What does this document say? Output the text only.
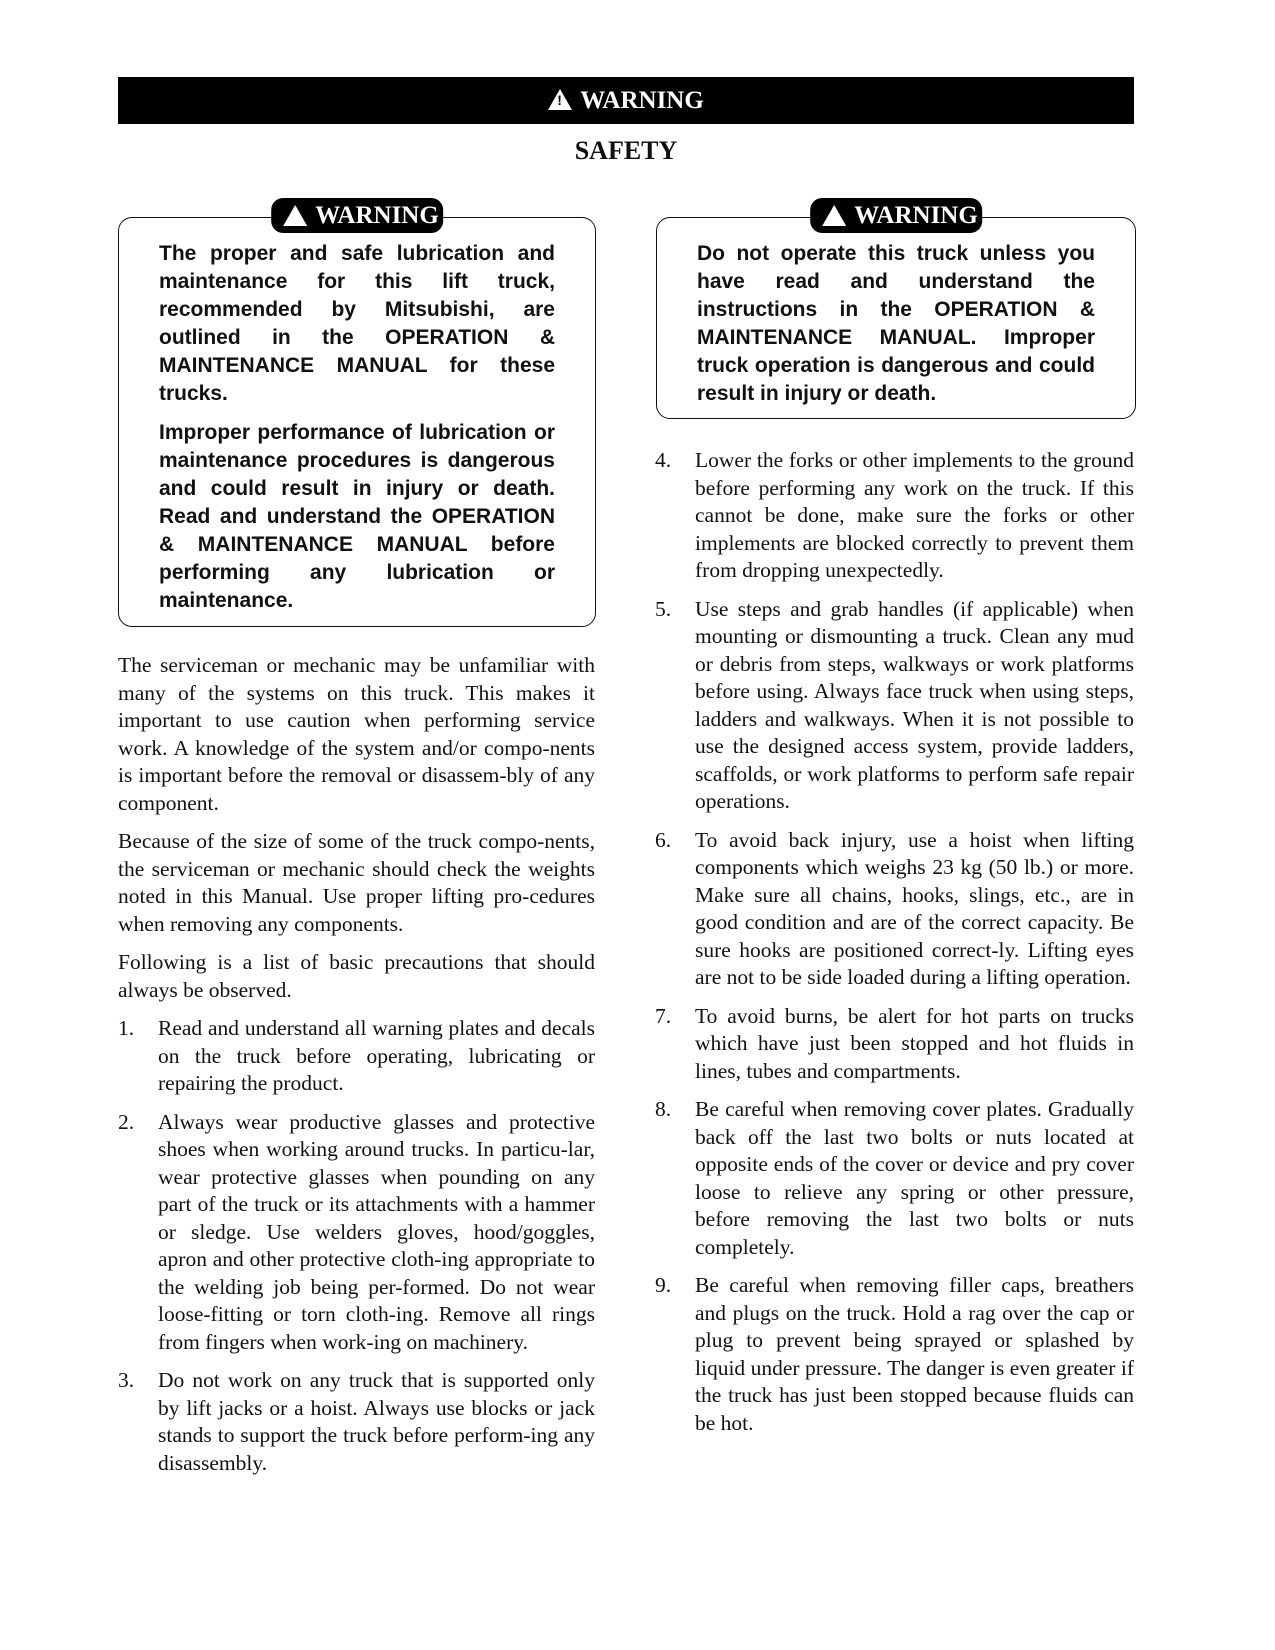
!
WARNING
SAFETY
!
WARNING

The proper and safe lubrication and maintenance for this lift truck, recommended by Mitsubishi, are outlined in the OPERATION & MAINTENANCE MANUAL for these trucks.

Improper performance of lubrication or maintenance procedures is dangerous and could result in injury or death. Read and understand the OPERATION & MAINTENANCE MANUAL before performing any lubrication or maintenance.

!
WARNING

Do not operate this truck unless you have read and understand the instructions in the OPERATION & MAINTENANCE MANUAL. Improper truck operation is dangerous and could result in injury or death.

The serviceman or mechanic may be unfamiliar with many of the systems on this truck. This makes it important to use caution when performing service work. A knowledge of the system and/or compo-nents is important before the removal or disassem-bly of any component.

Because of the size of some of the truck compo-nents, the serviceman or mechanic should check the weights noted in this Manual. Use proper lifting pro-cedures when removing any components.

Following is a list of basic precautions that should always be observed.

1.	Read and understand all warning plates and decals on the truck before operating, lubricating or repairing the product.
2.	Always wear productive glasses and protective shoes when working around trucks. In particu-lar, wear protective glasses when pounding on any part of the truck or its attachments with a hammer or sledge. Use welders gloves, hood/goggles, apron and other protective cloth-ing appropriate to the welding job being per-formed. Do not wear loose-fitting or torn cloth-ing. Remove all rings from fingers when work-ing on machinery.
3.	Do not work on any truck that is supported only by lift jacks or a hoist. Always use blocks or jack stands to support the truck before perform-ing any disassembly.
4.	Lower the forks or other implements to the ground before performing any work on the truck. If this cannot be done, make sure the forks or other implements are blocked correctly to prevent them from dropping unexpectedly.
5.	Use steps and grab handles (if applicable) when mounting or dismounting a truck. Clean any mud or debris from steps, walkways or work platforms before using. Always face truck when using steps, ladders and walkways. When it is not possible to use the designed access system, provide ladders, scaffolds, or work platforms to perform safe repair operations.
6.	To avoid back injury, use a hoist when lifting components which weighs 23 kg (50 lb.) or more. Make sure all chains, hooks, slings, etc., are in good condition and are of the correct capacity. Be sure hooks are positioned correct-ly. Lifting eyes are not to be side loaded during a lifting operation.
7.	To avoid burns, be alert for hot parts on trucks which have just been stopped and hot fluids in lines, tubes and compartments.
8.	Be careful when removing cover plates. Gradually back off the last two bolts or nuts located at opposite ends of the cover or device and pry cover loose to relieve any spring or other pressure, before removing the last two bolts or nuts completely.
9.	Be careful when removing filler caps, breathers and plugs on the truck. Hold a rag over the cap or plug to prevent being sprayed or splashed by liquid under pressure. The danger is even greater if the truck has just been stopped because fluids can be hot.
